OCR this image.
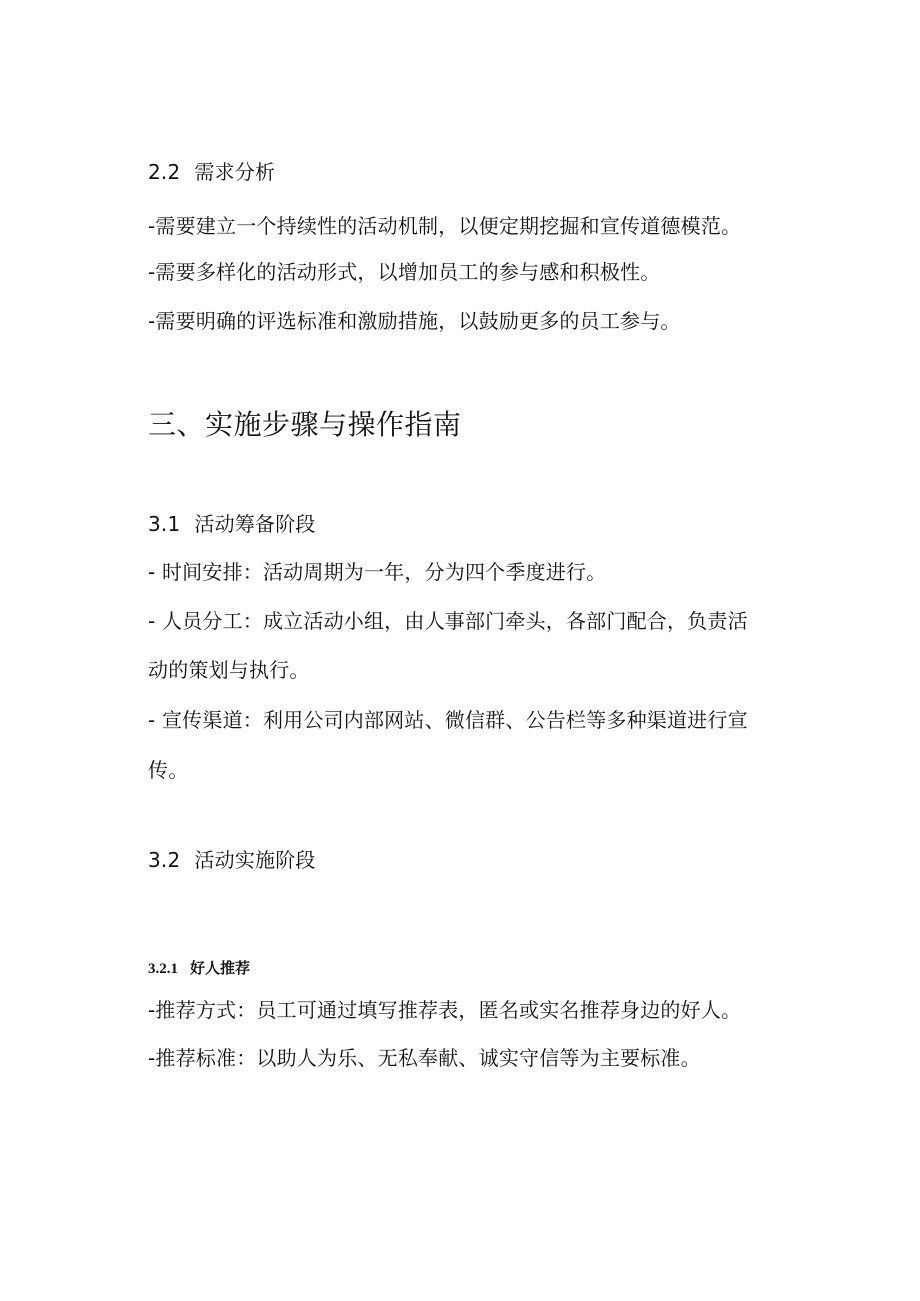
2.2 需求分析
-需要建立一个持续性的活动机制，以便定期挖掘和宣传道德模范。
-需要多样化的活动形式，以增加员工的参与感和积极性。
-需要明确的评选标准和激励措施，以鼓励更多的员工参与。
三、实施步骤与操作指南
3.1 活动筹备阶段
- 时间安排：活动周期为一年，分为四个季度进行。
- 人员分工：成立活动小组，由人事部门牵头，各部门配合，负责活
动的策划与执行。
- 宣传渠道：利用公司内部网站、微信群、公告栏等多种渠道进行宣
传。
3.2 活动实施阶段
3.2.1 好人推荐
-推荐方式：员工可通过填写推荐表，匿名或实名推荐身边的好人。
-推荐标准：以助人为乐、无私奉献、诚实守信等为主要标准。
